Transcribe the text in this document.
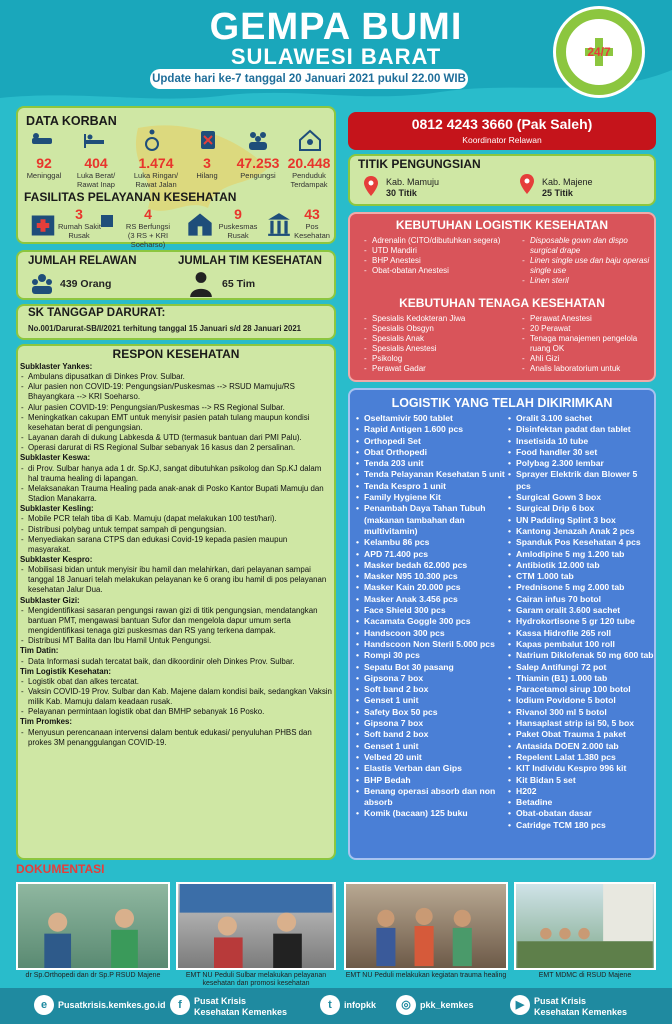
GEMPA BUMI
SULAWESI BARAT
Update hari ke-7 tanggal 20 Januari 2021 pukul 22.00 WIB
24/7
DATA KORBAN
92
Meninggal
404
Luka Berat/
Rawat Inap
1.474
Luka Ringan/
Rawat Jalan
3
Hilang
47.253
Pengungsi
20.448
Penduduk
Terdampak
FASILITAS PELAYANAN KESEHATAN
3
Rumah Sakit
Rusak
4
RS Berfungsi
(3 RS + KRI
Soeharso)
9
Puskesmas
Rusak
43
Pos
Kesehatan
JUMLAH RELAWAN
439 Orang
JUMLAH TIM KESEHATAN
65 Tim
SK TANGGAP DARURAT:
No.001/Darurat-SB/I/2021 terhitung tanggal 15 Januari s/d 28 Januari 2021
RESPON KESEHATAN
Subklaster Yankes:
- Ambulans dipusatkan di Dinkes Prov. Sulbar.
- Alur pasien non COVID-19: Pengungsian/Puskesmas --> RSUD Mamuju/RS Bhayangkara --> KRI Soeharso.
- Alur pasien COVID-19: Pengungsian/Puskesmas --> RS Regional Sulbar.
- Meningkatkan cakupan EMT untuk menyisir pasien patah tulang maupun kondisi kesehatan berat di pengungsian.
- Layanan darah di dukung Labkesda & UTD (termasuk bantuan dari PMI Palu).
- Operasi darurat di RS Regional Sulbar sebanyak 16 kasus dan 2 persalinan.
Subklaster Keswa:
- di Prov. Sulbar hanya ada 1 dr. Sp.KJ, sangat dibutuhkan psikolog dan Sp.KJ dalam hal trauma healing di lapangan.
- Melaksanakan Trauma Healing pada anak-anak di Posko Kantor Bupati Mamuju dan Stadion Manakarra.
Subklaster Kesling:
- Mobile PCR telah tiba di Kab. Mamuju (dapat melakukan 100 test/hari).
- Distribusi polybag untuk tempat sampah di pengungsian.
- Menyediakan sarana CTPS dan edukasi Covid-19 kepada pasien maupun masyarakat.
Subklaster Kespro:
- Mobilisasi bidan untuk menyisir ibu hamil dan melahirkan, dari pelayanan sampai tanggal 18 Januari telah melakukan pelayanan ke 6 orang ibu hamil di pos pelayanan kesehatan Jalur Dua.
Subklaster Gizi:
- Mengidentifikasi sasaran pengungsi rawan gizi di titik pengungsian, mendatangkan bantuan PMT, mengawasi bantuan Sufor dan mengelola dapur umum serta mengidentifikasi tenaga gizi puskesmas dan RS yang terkena dampak.
- Distribusi MT Balita dan Ibu Hamil Untuk Pengungsi.
Tim Datin:
- Data Informasi sudah tercatat baik, dan dikoordinir oleh Dinkes Prov. Sulbar.
Tim Logistik Kesehatan:
- Logistik obat dan alkes tercatat.
- Vaksin COVID-19 Prov. Sulbar dan Kab. Majene dalam kondisi baik, sedangkan Vaksin milik Kab. Mamuju dalam keadaan rusak.
- Pelayanan permintaan logistik obat dan BMHP sebanyak 16 Posko.
Tim Promkes:
- Menyusun perencanaan intervensi dalam bentuk edukasi/ penyuluhan PHBS dan prokes 3M penanggulangan COVID-19.
0812 4243 3660 (Pak Saleh)
Koordinator Relawan
TITIK PENGUNGSIAN
Kab. Mamuju
30 Titik
Kab. Majene
25 Titik
KEBUTUHAN LOGISTIK KESEHATAN
- Adrenalin (CITO/dibutuhkan segera)
- UTD Mandiri
- BHP Anestesi
- Obat-obatan Anestesi
- Disposable gown dan dispo surgical drape
- Linen single use dan baju operasi single use
- Linen steril
KEBUTUHAN TENAGA KESEHATAN
- Spesialis Kedokteran Jiwa
- Spesialis Obsgyn
- Spesialis Anak
- Spesialis Anestesi
- Psikolog
- Perawat Gadar
- Perawat Anestesi
- 20 Perawat
- Tenaga manajemen pengelola ruang OK
- Ahli Gizi
- Analis laboratorium untuk
LOGISTIK YANG TELAH DIKIRIMKAN
• Oseltamivir 500 tablet
• Rapid Antigen 1.600 pcs
• Orthopedi Set
• Obat Orthopedi
• Tenda 203 unit
• Tenda Pelayanan Kesehatan 5 unit
• Tenda Kespro 1 unit
• Family Hygiene Kit
• Penambah Daya Tahan Tubuh (makanan tambahan dan multivitamin)
• Kelambu 86 pcs
• APD 71.400 pcs
• Masker bedah 62.000 pcs
• Masker N95 10.300 pcs
• Masker Kain 20.000 pcs
• Masker Anak 3.456 pcs
• Face Shield 300 pcs
• Kacamata Goggle 300 pcs
• Handscoon 300 pcs
• Handscoon Non Steril 5.000 pcs
• Rompi 30 pcs
• Sepatu Bot 30 pasang
• Gipsona 7 box
• Soft band 2 box
• Genset 1 unit
• Safety Box 50 pcs
• Gipsona 7 box
• Soft band 2 box
• Genset 1 unit
• Velbed 20 unit
• Elastis Verban dan Gips
• BHP Bedah
• Benang operasi absorb dan non absorb
• Komik (bacaan) 125 buku
• Oralit 3.100 sachet
• Disinfektan padat dan tablet
• Insetisida 10 tube
• Food handler 30 set
• Polybag 2.300 lembar
• Sprayer Elektrik dan Blower 5 pcs
• Surgical Gown 3 box
• Surgical Drip 6 box
• UN Padding Splint 3 box
• Kantong Jenazah Anak 2 pcs
• Spanduk Pos Kesehatan 4 pcs
• Amlodipine 5 mg 1.200 tab
• Antibiotik 12.000 tab
• CTM 1.000 tab
• Prednisone 5 mg 2.000 tab
• Cairan infus 70 botol
• Garam oralit 3.600 sachet
• Hydrokortisone 5 gr 120 tube
• Kassa Hidrofile 265 roll
• Kapas pembalut 100 roll
• Natrium Diklofenak 50 mg 600 tab
• Salep Antifungi 72 pot
• Thiamin (B1) 1.000 tab
• Paracetamol sirup 100 botol
• Iodium Povidone 5 botol
• Rivanol 300 ml 5 botol
• Hansaplast strip isi 50, 5 box
• Paket Obat Trauma 1 paket
• Antasida DOEN 2.000 tab
• Repelent Lalat 1.380 pcs
• KIT Individu Kespro 996 kit
• Kit Bidan 5 set
• H202
• Betadine
• Obat-obatan dasar
• Catridge TCM 180 pcs
DOKUMENTASI
dr Sp.Orthopedi dan dr Sp.P RSUD Majene	EMT NU Peduli Sulbar melakukan pelayanan kesehatan dan promosi kesehatan
EMT NU Peduli melakukan kegiatan trauma healing	EMT MDMC di RSUD Majene
e	Pusatkrisis.kemkes.go.id	f	Pusat Krisis
Kesehatan Kemenkes
t	infopkk	◎	pkk_kemkes	▶	Pusat Krisis
Kesehatan Kemenkes
